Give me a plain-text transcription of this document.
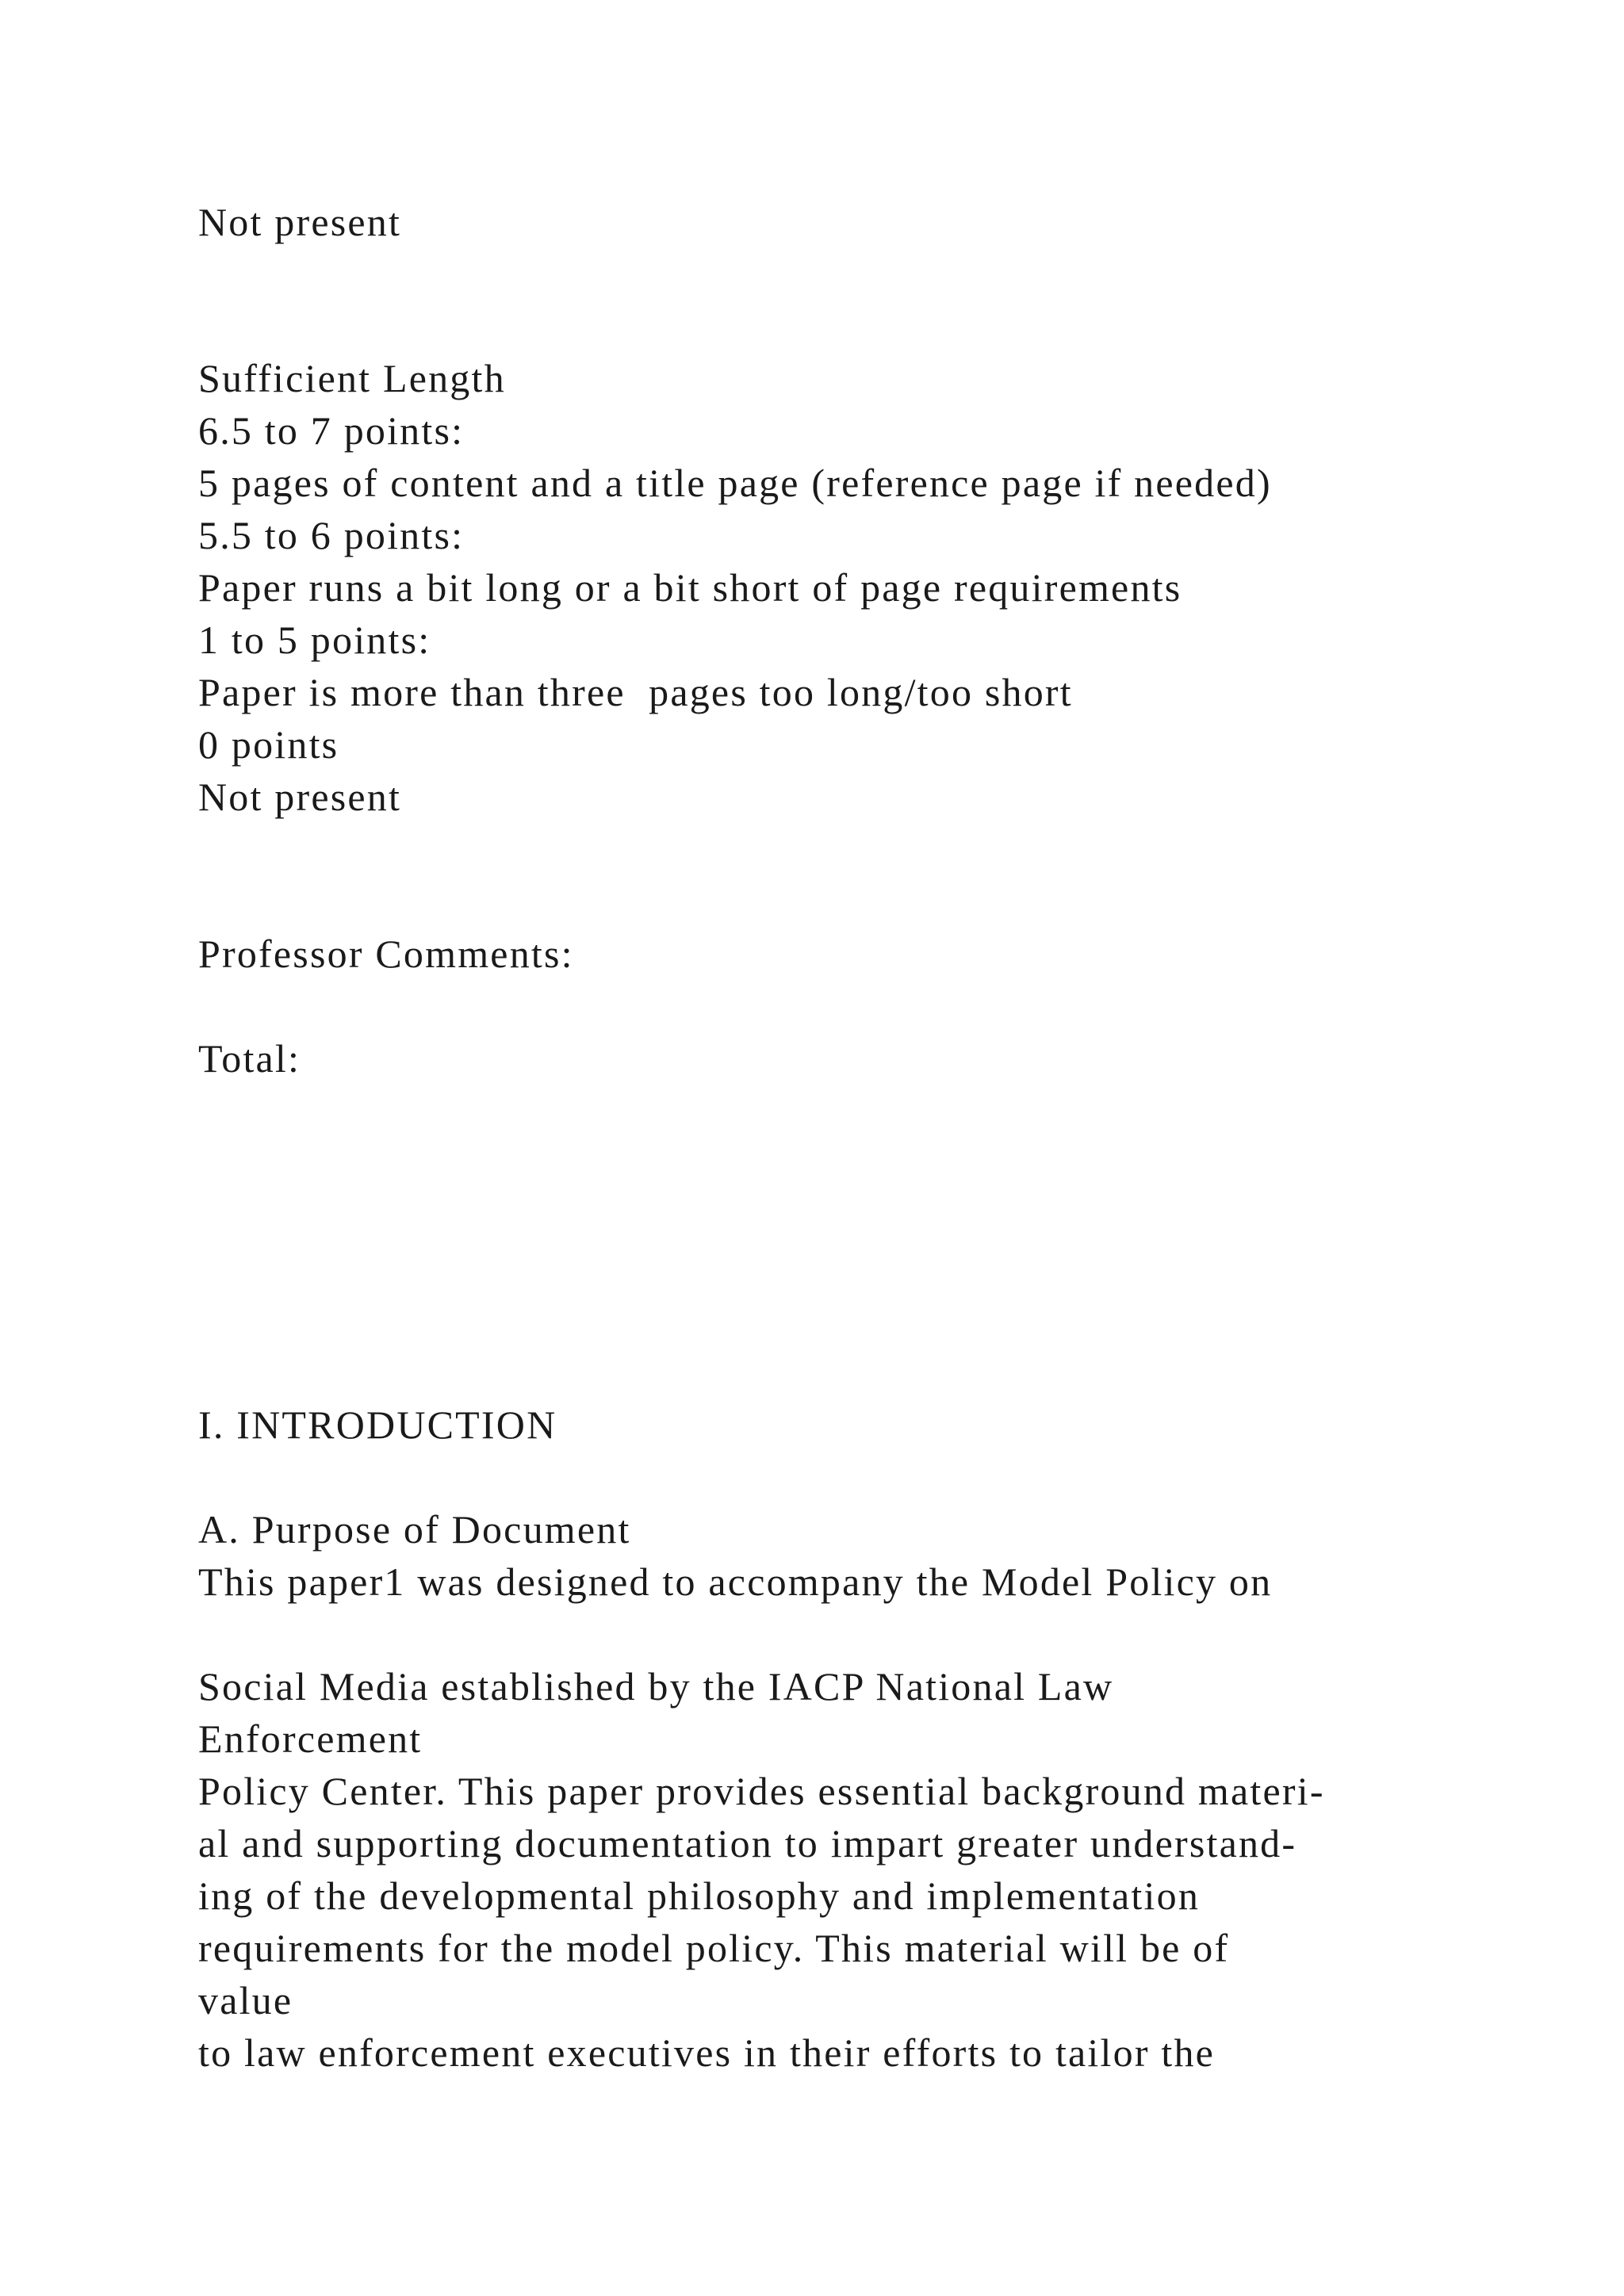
Not present
Sufficient Length
6.5 to 7 points:
5 pages of content and a title page (reference page if needed)
5.5 to 6 points:
Paper runs a bit long or a bit short of page requirements
1 to 5 points:
Paper is more than three  pages too long/too short
0 points
Not present
Professor Comments:
Total:
I. INTRODUCTION
A. Purpose of Document
This paper1 was designed to accompany the Model Policy on
Social Media established by the IACP National Law
Enforcement
Policy Center. This paper provides essential background materi-
al and supporting documentation to impart greater understand-
ing of the developmental philosophy and implementation
requirements for the model policy. This material will be of
value
to law enforcement executives in their efforts to tailor the
